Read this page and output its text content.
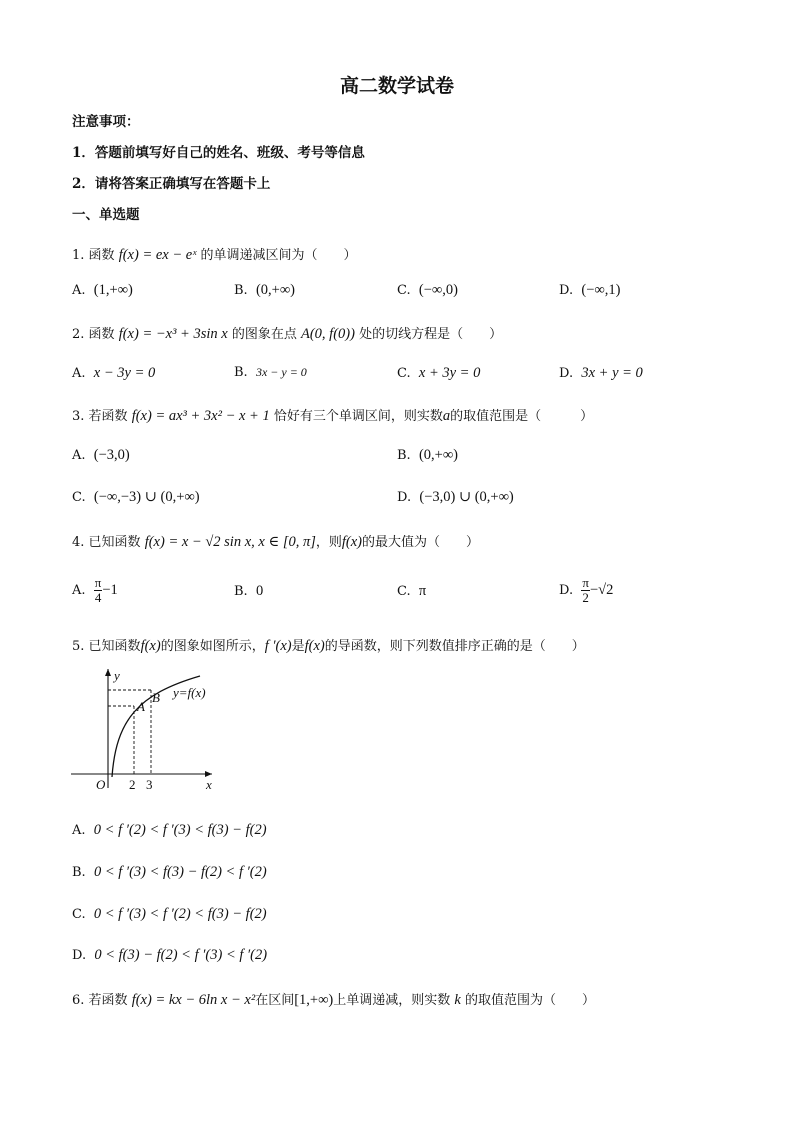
高二数学试卷
注意事项：
1．答题前填写好自己的姓名、班级、考号等信息
2．请将答案正确填写在答题卡上
一、单选题
1. 函数 f(x) = ex − eˣ 的单调递减区间为（　　）
A. (1,+∞)	B. (0,+∞)	C. (−∞,0)	D. (−∞,1)
2. 函数 f(x) = −x³ + 3sin x 的图象在点 A(0, f(0)) 处的切线方程是（　　）
A. x − 3y = 0	B. 3x − y = 0	C. x + 3y = 0	D. 3x + y = 0
3. 若函数 f(x) = ax³ + 3x² − x + 1 恰好有三个单调区间，则实数a的取值范围是（　　　）
A. (−3,0)	B. (0,+∞)
C. (−∞,−3) ∪ (0,+∞)	D. (−3,0) ∪ (0,+∞)
4. 已知函数 f(x) = x − √2 sin x, x ∈ [0, π]，则f(x)的最大值为（　　）
A. $\frac{\pi}{4} -1$	B. 0	C. π	D. $\frac{\pi}{2} -√2$
5. 已知函数f(x)的图象如图所示，f ′(x)是f(x)的导函数，则下列数值排序正确的是（　　）
y
x
O 2 3
A
B y=f(x)
A. 0 < f ′(2) < f ′(3) < f(3) − f(2)
B. 0 < f ′(3) < f(3) − f(2) < f ′(2)
C. 0 < f ′(3) < f ′(2) < f(3) − f(2)
D. 0 < f(3) − f(2) < f ′(3) < f ′(2)
6. 若函数 f(x) = kx − 6ln x − x²在区间[1,+∞)上单调递减，则实数 k 的取值范围为（　　）
